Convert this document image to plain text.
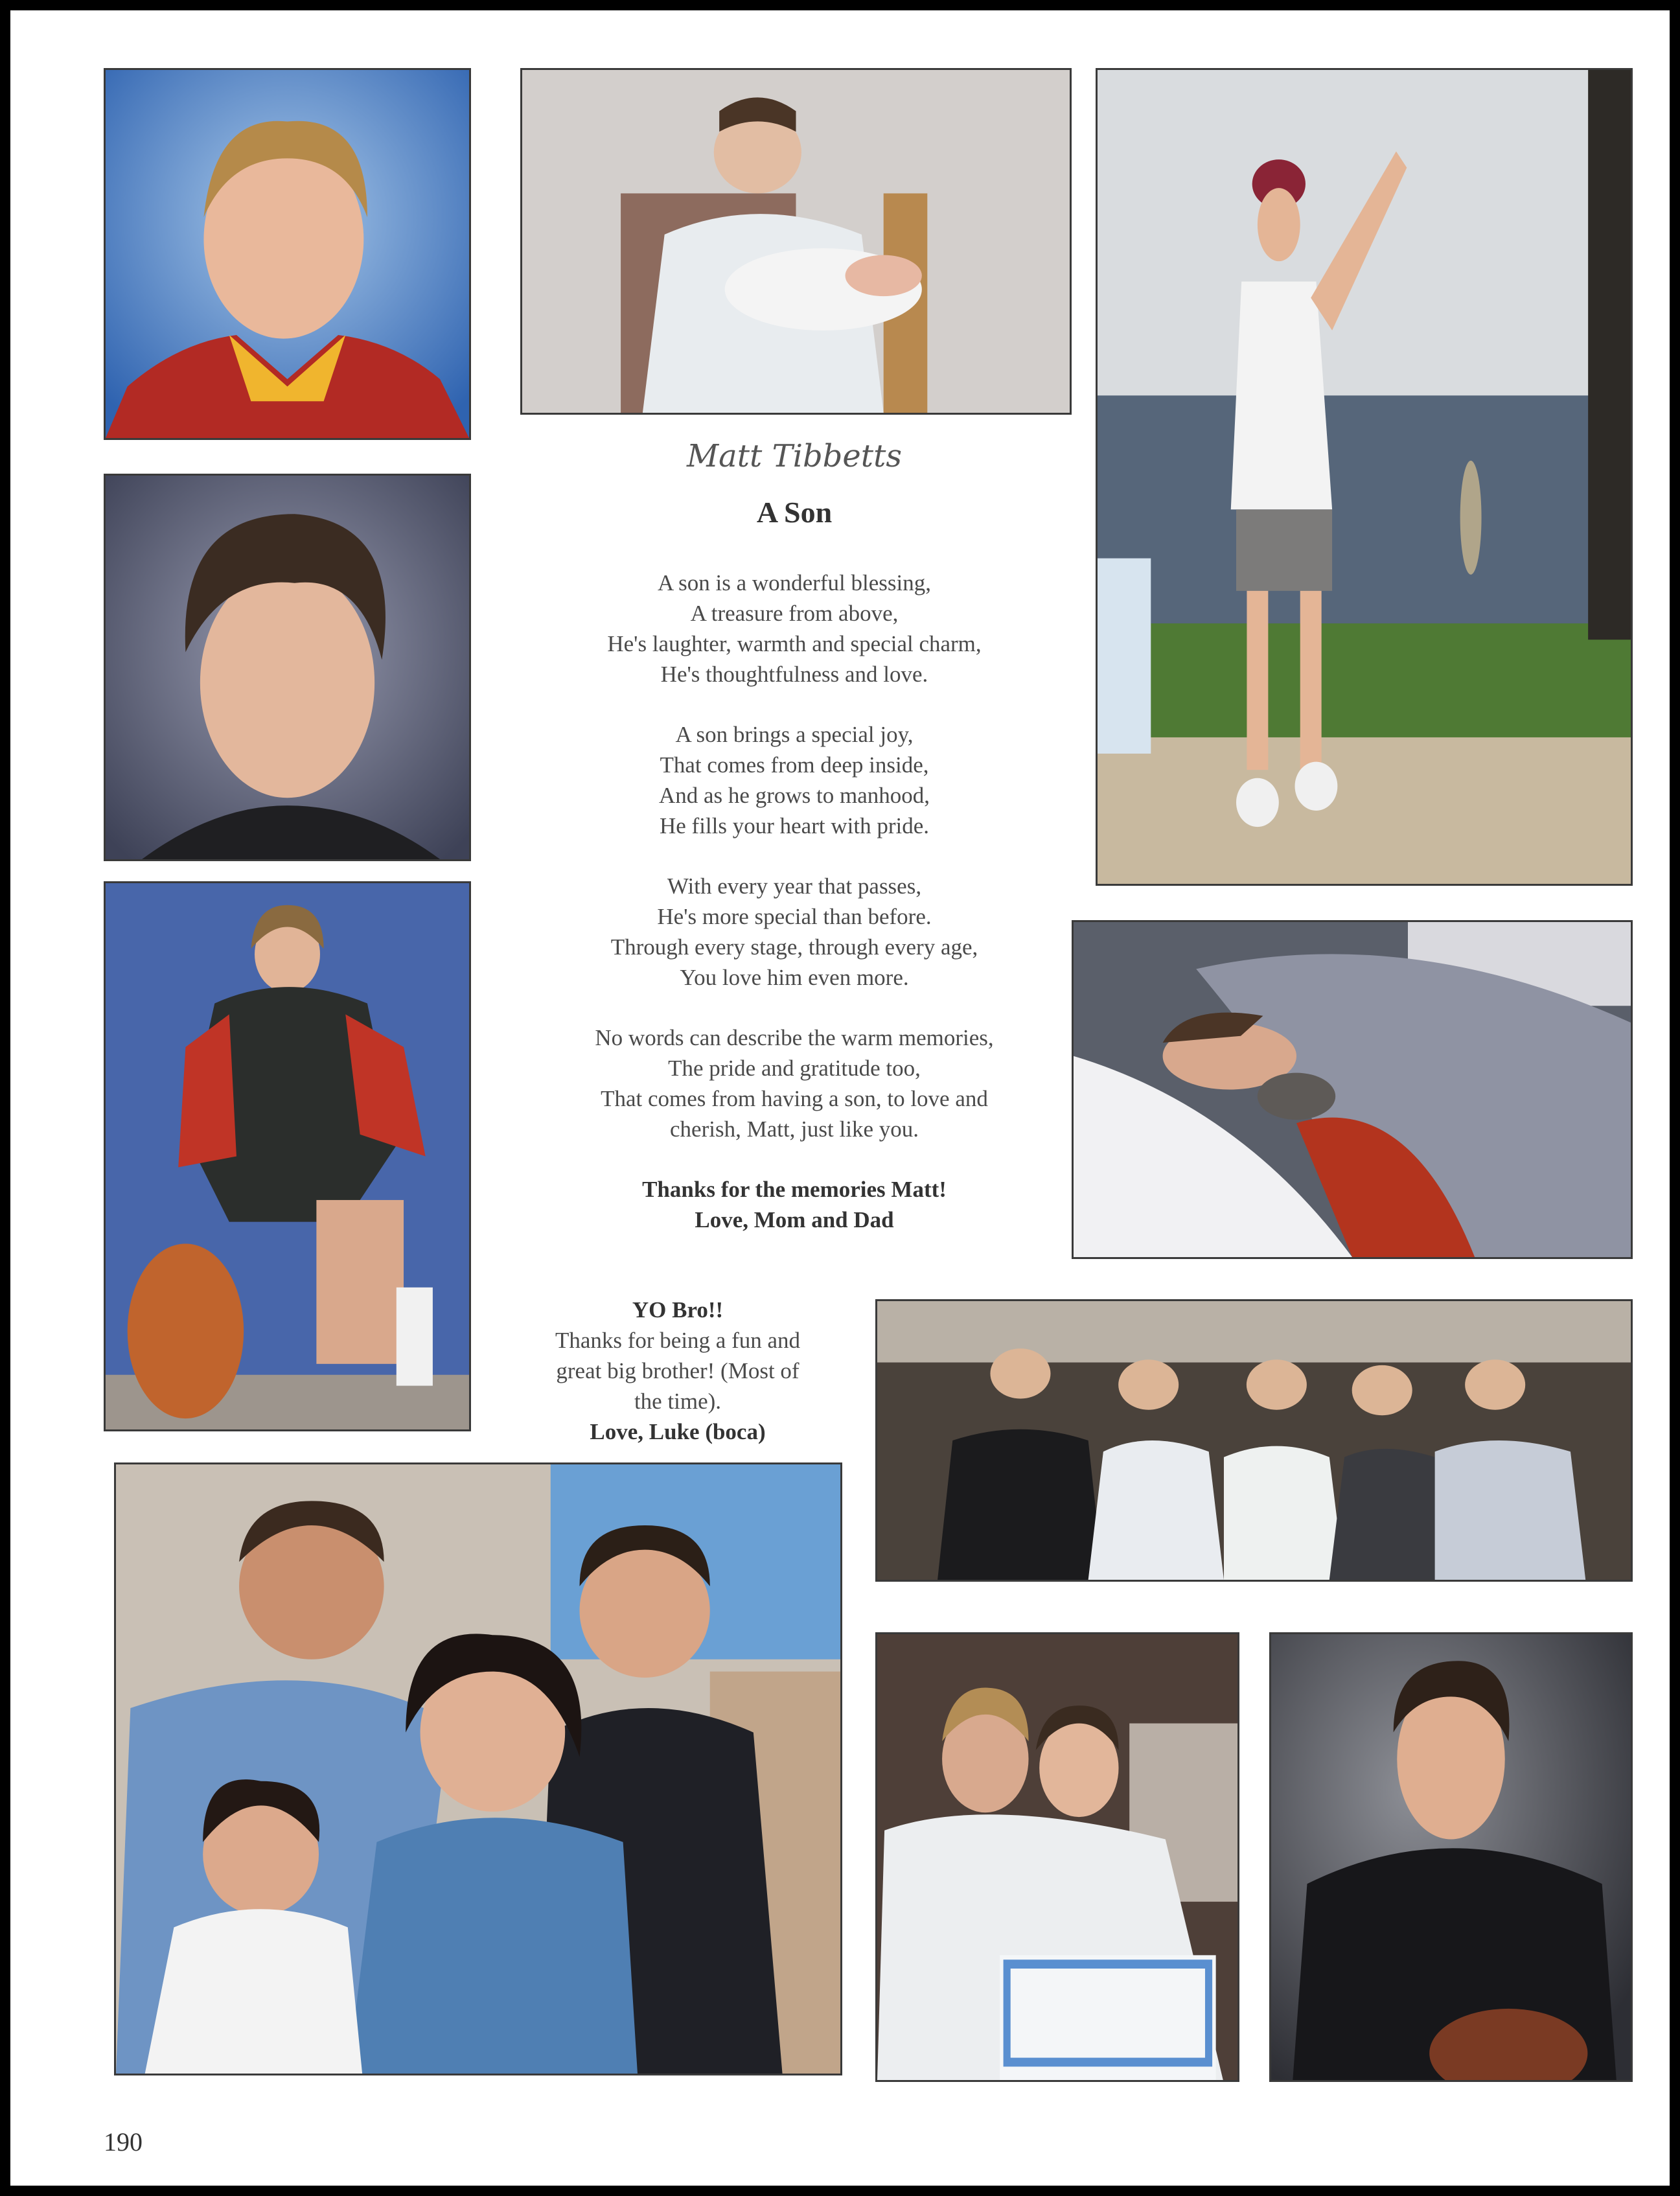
Matt Tibbetts
A Son

A son is a wonderful blessing,
A treasure from above,
He's laughter, warmth and special charm,
He's thoughtfulness and love.

A son brings a special joy,
That comes from deep inside,
And as he grows to manhood,
He fills your heart with pride.

With every year that passes,
He's more special than before.
Through every stage, through every age,
You love him even more.

No words can describe the warm memories,
The pride and gratitude too,
That comes from having a son, to love and
cherish, Matt, just like you.

Thanks for the memories Matt!
Love, Mom and Dad

YO Bro!!
Thanks for being a fun and
great big brother! (Most of
the time).
Love, Luke (boca)
190
